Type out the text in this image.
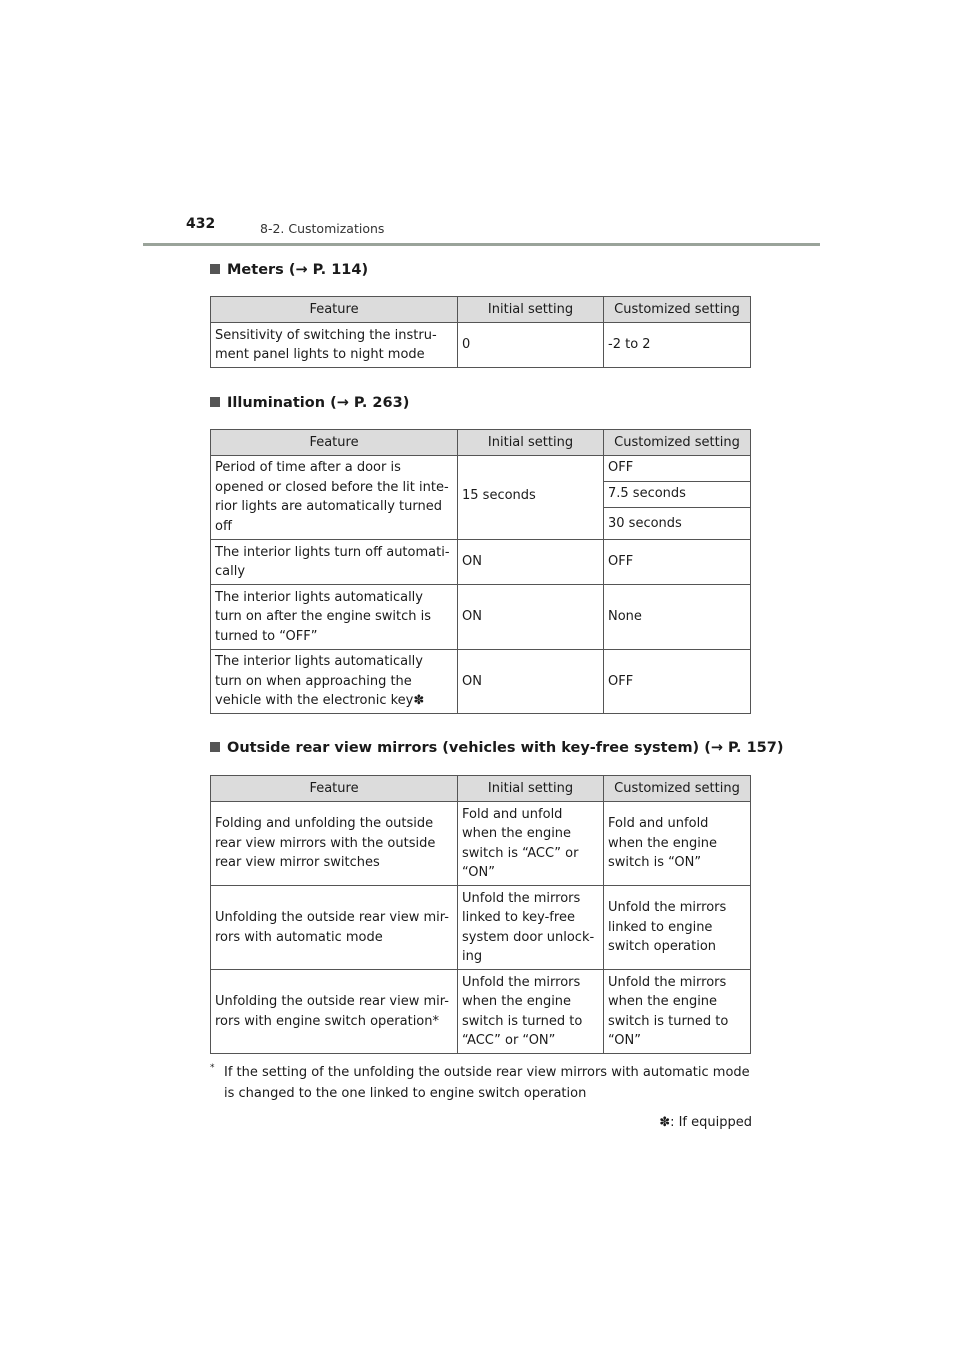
432	8-2. Customizations
Meters (→ P. 114)
Feature	Initial setting	Customized setting
Sensitivity of switching the instru-
ment panel lights to night mode	0	-2 to 2
Illumination (→ P. 263)
Feature	Initial setting	Customized setting
Period of time after a door is opened or closed before the lit inte-rior lights are automatically turned off	15 seconds	OFF
		7.5 seconds
		30 seconds
The interior lights turn off automati-cally	ON	OFF
The interior lights automatically turn on after the engine switch is turned to “OFF”	ON	None
The interior lights automatically turn on when approaching the vehicle with the electronic key✽	ON	OFF
Outside rear view mirrors (vehicles with key-free system) (→ P. 157)
Feature	Initial setting	Customized setting
Folding and unfolding the outside rear view mirrors with the outside rear view mirror switches	Fold and unfold when the engine switch is “ACC” or “ON”	Fold and unfold when the engine switch is “ON”
Unfolding the outside rear view mir-rors with automatic mode	Unfold the mirrors linked to key-free system door unlock-ing	Unfold the mirrors linked to engine switch operation
Unfolding the outside rear view mir-rors with engine switch operation*	Unfold the mirrors when the engine switch is turned to “ACC” or “ON”	Unfold the mirrors when the engine switch is turned to “ON”
* If the setting of the unfolding the outside rear view mirrors with automatic mode is changed to the one linked to engine switch operation
✽: If equipped
